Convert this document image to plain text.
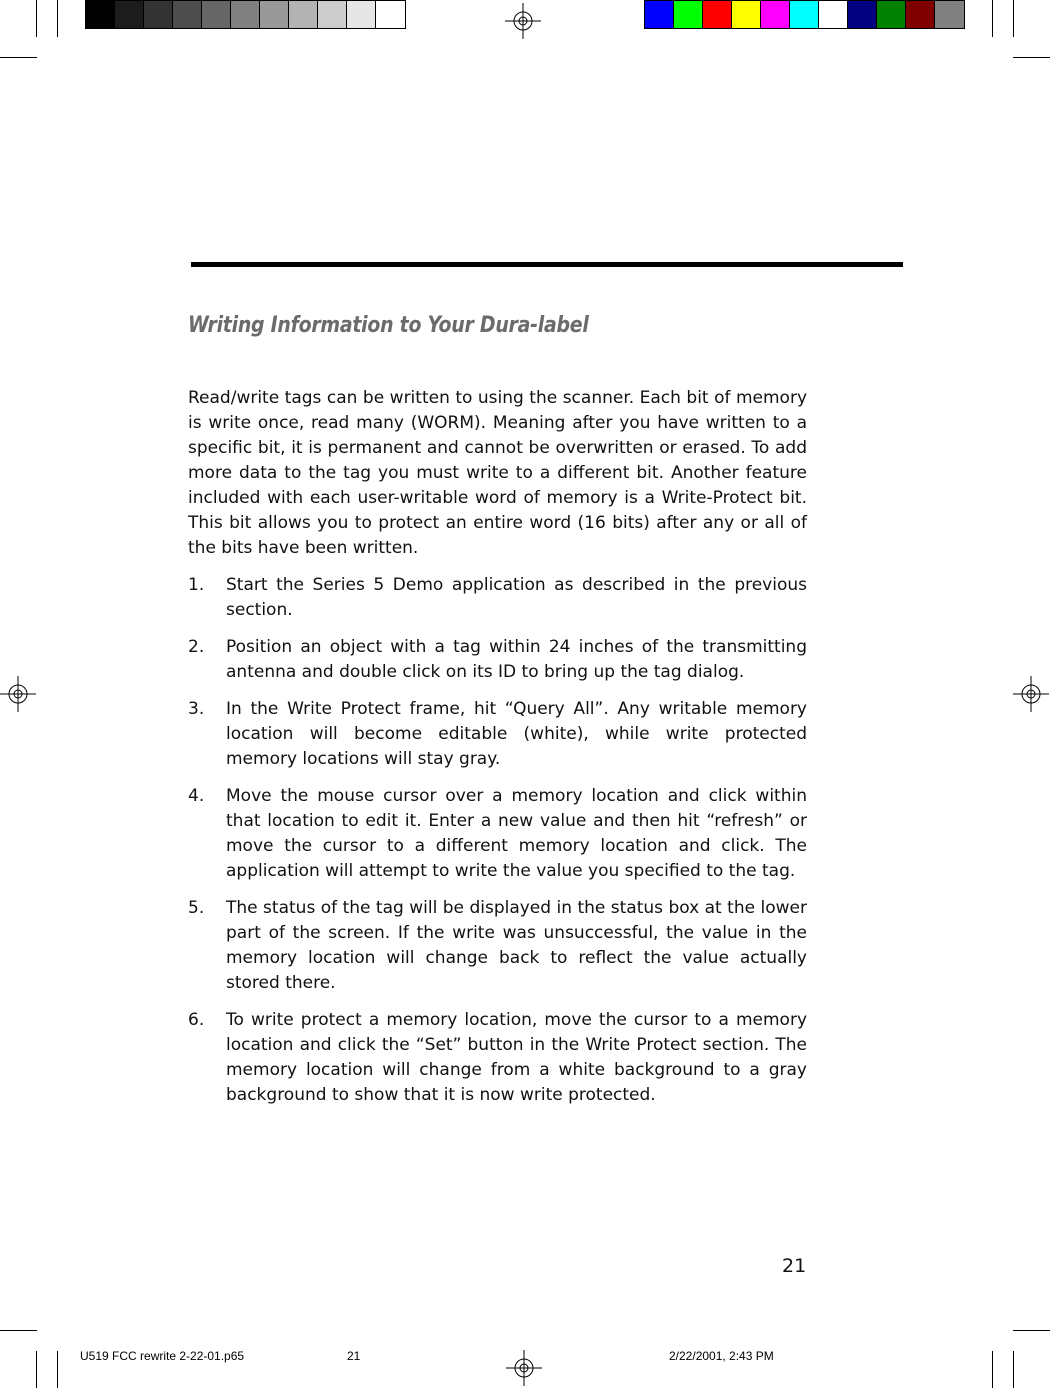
Writing Information to Your Dura-label

Read/write tags can be written to using the scanner. Each bit of memory is write once, read many (WORM). Meaning after you have written to a specific bit, it is permanent and cannot be overwritten or erased. To add more data to the tag you must write to a different bit. Another feature included with each user-writable word of memory is a Write-Protect bit. This bit allows you to protect an entire word (16 bits) after any or all of the bits have been written.

1. Start the Series 5 Demo application as described in the previous section.
2. Position an object with a tag within 24 inches of the transmitting antenna and double click on its ID to bring up the tag dialog.
3. In the Write Protect frame, hit “Query All”. Any writable memory location will become editable (white), while write protected memory locations will stay gray.
4. Move the mouse cursor over a memory location and click within that location to edit it. Enter a new value and then hit “refresh” or move the cursor to a different memory location and click. The application will attempt to write the value you specified to the tag.
5. The status of the tag will be displayed in the status box at the lower part of the screen. If the write was unsuccessful, the value in the memory location will change back to reflect the value actually stored there.
6. To write protect a memory location, move the cursor to a memory location and click the “Set” button in the Write Protect section. The memory location will change from a white background to a gray background to show that it is now write protected.
21
U519 FCC rewrite 2-22-01.p65	21	2/22/2001, 2:43 PM
